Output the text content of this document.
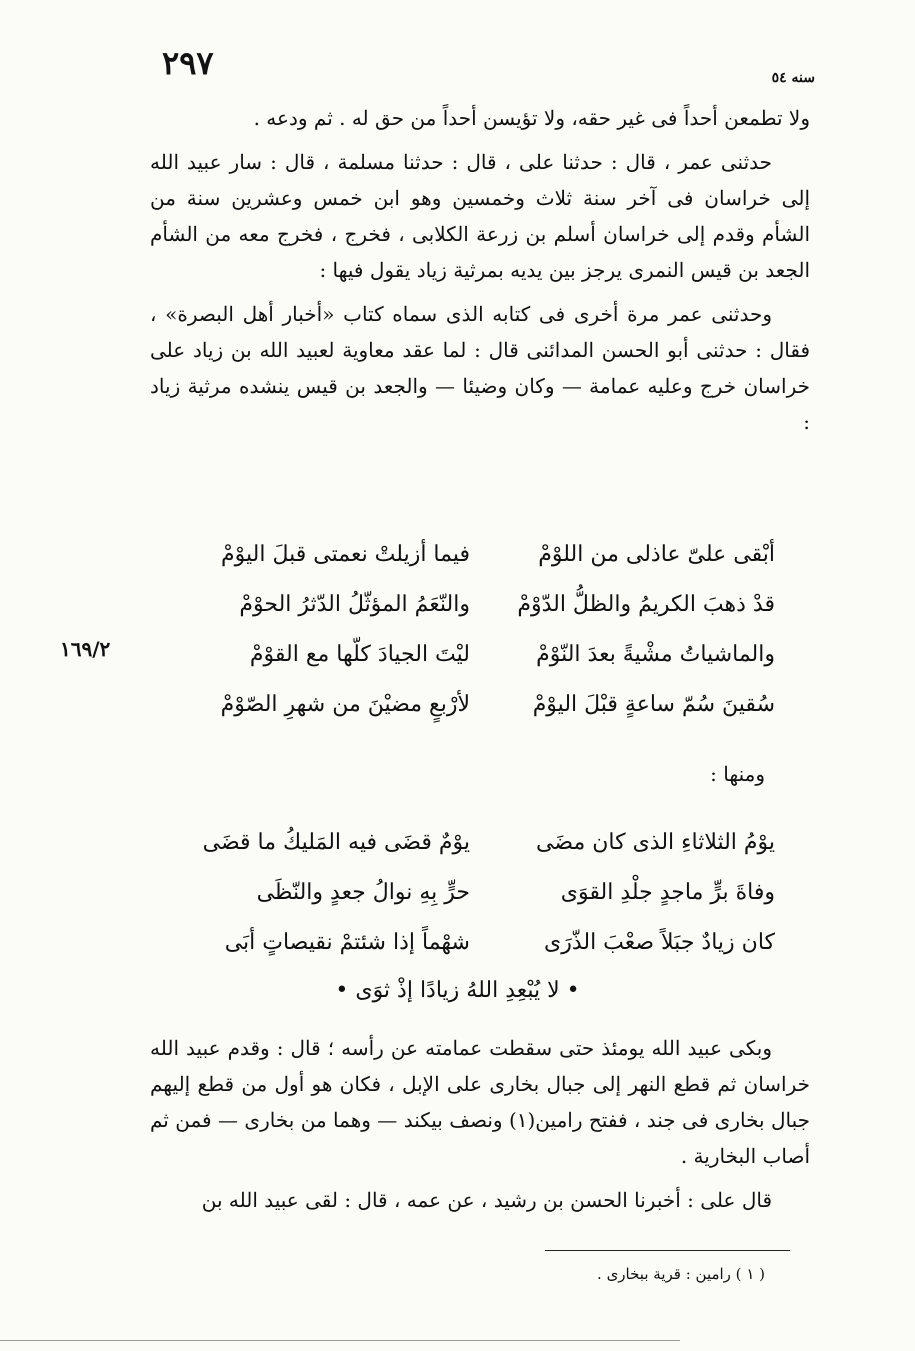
٢٩٧	سنه ٥٤

ولا تطمعن أحداً فى غير حقه، ولا تؤيسن أحداً من حق له . ثم ودعه .

حدثنى عمر ، قال : حدثنا على ، قال : حدثنا مسلمة ، قال : سار عبيد الله إلى خراسان فى آخر سنة ثلاث وخمسين وهو ابن خمس وعشرين سنة من الشأم وقدم إلى خراسان أسلم بن زرعة الكلابى ، فخرج ، فخرج معه من الشأم الجعد بن قيس النمرى يرجز بين يديه بمرثية زياد يقول فيها :

وحدثنى عمر مرة أخرى فى كتابه الذى سماه كتاب «أخبار أهل البصرة» ، فقال : حدثنى أبو الحسن المدائنى قال : لما عقد معاوية لعبيد الله بن زياد على خراسان خرج وعليه عمامة — وكان وضيئا — والجعد بن قيس ينشده مرثية زياد :

١٦٩/٢
أبْقى علىّ عاذلى من اللوْمْ
فيما أزيلتْ نعمتى قبلَ اليوْمْ
قدْ ذهبَ الكريمُ والظلُّ الدّوْمْ
والنّعَمُ المؤثّلُ الدّثرُ الحوْمْ
والماشياتُ مشْيةً بعدَ النّوْمْ
ليْتَ الجيادَ كلّها مع القوْمْ
سُقينَ سُمّ ساعةٍ قبْلَ اليوْمْ
لأرْبعٍ مضيْنَ من شهرِ الصّوْمْ
ومنها :
يوْمُ الثلاثاءِ الذى كان مضَى
يوْمٌ قضَى فيه المَليكُ ما قضَى
وفاةَ برٍّ ماجدٍ جلْدِ القوَى
حرٍّ بِهِ نوالُ جعدٍ والنّظَى
كان زيادٌ جبَلاً صعْبَ الذّرَى
شهْماً إذا شئتمْ نقيصاتٍ أبَى
• لا يُبْعِدِ اللهُ زيادًا إذْ ثوَى •

وبكى عبيد الله يومئذ حتى سقطت عمامته عن رأسه ؛ قال : وقدم عبيد الله خراسان ثم قطع النهر إلى جبال بخارى على الإبل ، فكان هو أول من قطع إليهم جبال بخارى فى جند ، ففتح رامين(١) ونصف بيكند — وهما من بخارى — فمن ثم أصاب البخارية .

قال على : أخبرنا الحسن بن رشيد ، عن عمه ، قال : لقى عبيد الله بن

( ١ ) رامين : قرية ببخارى .
